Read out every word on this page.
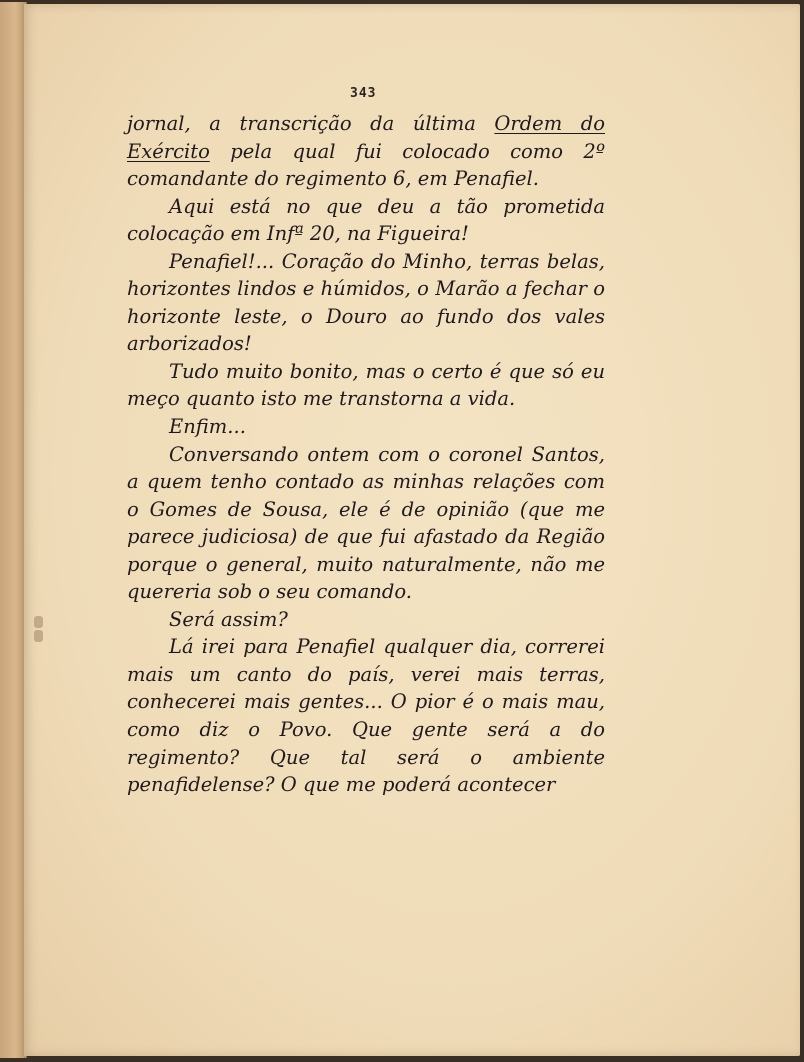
343

jornal, a transcrição da última Ordem do Exército pela qual fui colocado como 2º comandante do regimento 6, em Penafiel.

Aqui está no que deu a tão prometida colocação em Infª 20, na Figueira!

Penafiel!... Coração do Minho, terras belas, horizontes lindos e húmidos, o Marão a fechar o horizonte leste, o Douro ao fundo dos vales arborizados!

Tudo muito bonito, mas o certo é que só eu meço quanto isto me transtorna a vida.

Enfim...

Conversando ontem com o coronel Santos, a quem tenho contado as minhas relações com o Gomes de Sousa, ele é de opinião (que me parece judiciosa) de que fui afastado da Região porque o general, muito naturalmente, não me quereria sob o seu comando.

Será assim?

Lá irei para Penafiel qualquer dia, correrei mais um canto do país, verei mais terras, conhecerei mais gentes... O pior é o mais mau, como diz o Povo. Que gente será a do regimento? Que tal será o ambiente penafidelense? O que me poderá acontecer
